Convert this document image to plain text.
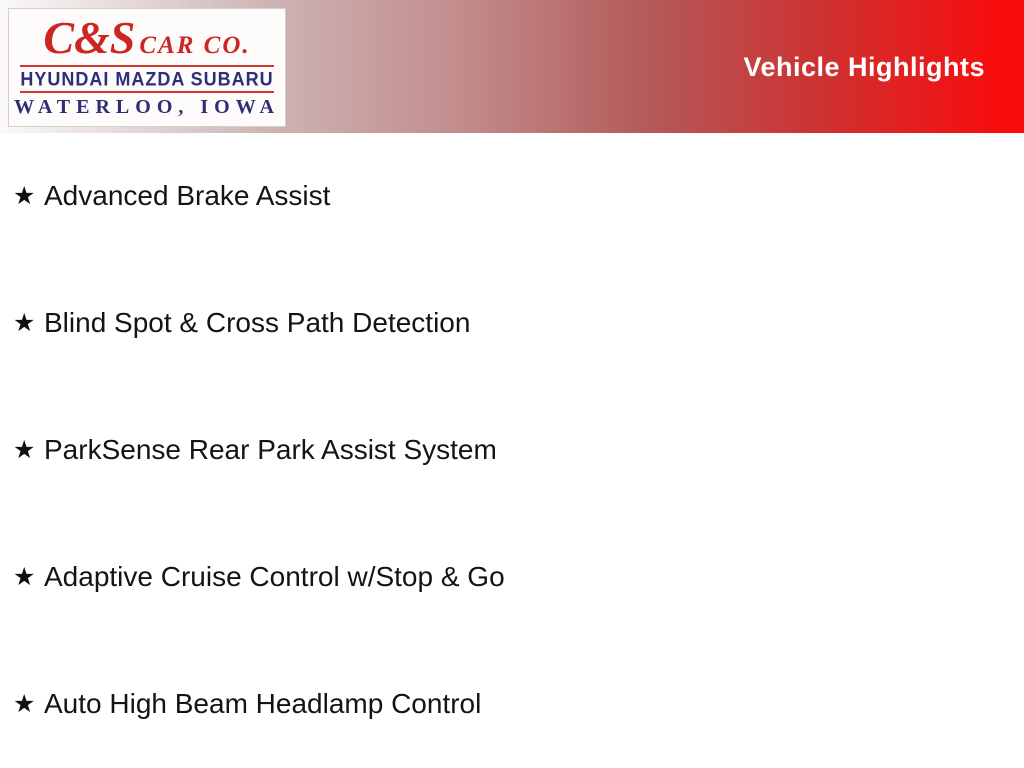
C&S CAR CO.
HYUNDAI MAZDA SUBARU
WATERLOO, IOWA
Vehicle Highlights
★ Advanced Brake Assist
★ Blind Spot & Cross Path Detection
★ ParkSense Rear Park Assist System
★ Adaptive Cruise Control w/Stop & Go
★ Auto High Beam Headlamp Control
